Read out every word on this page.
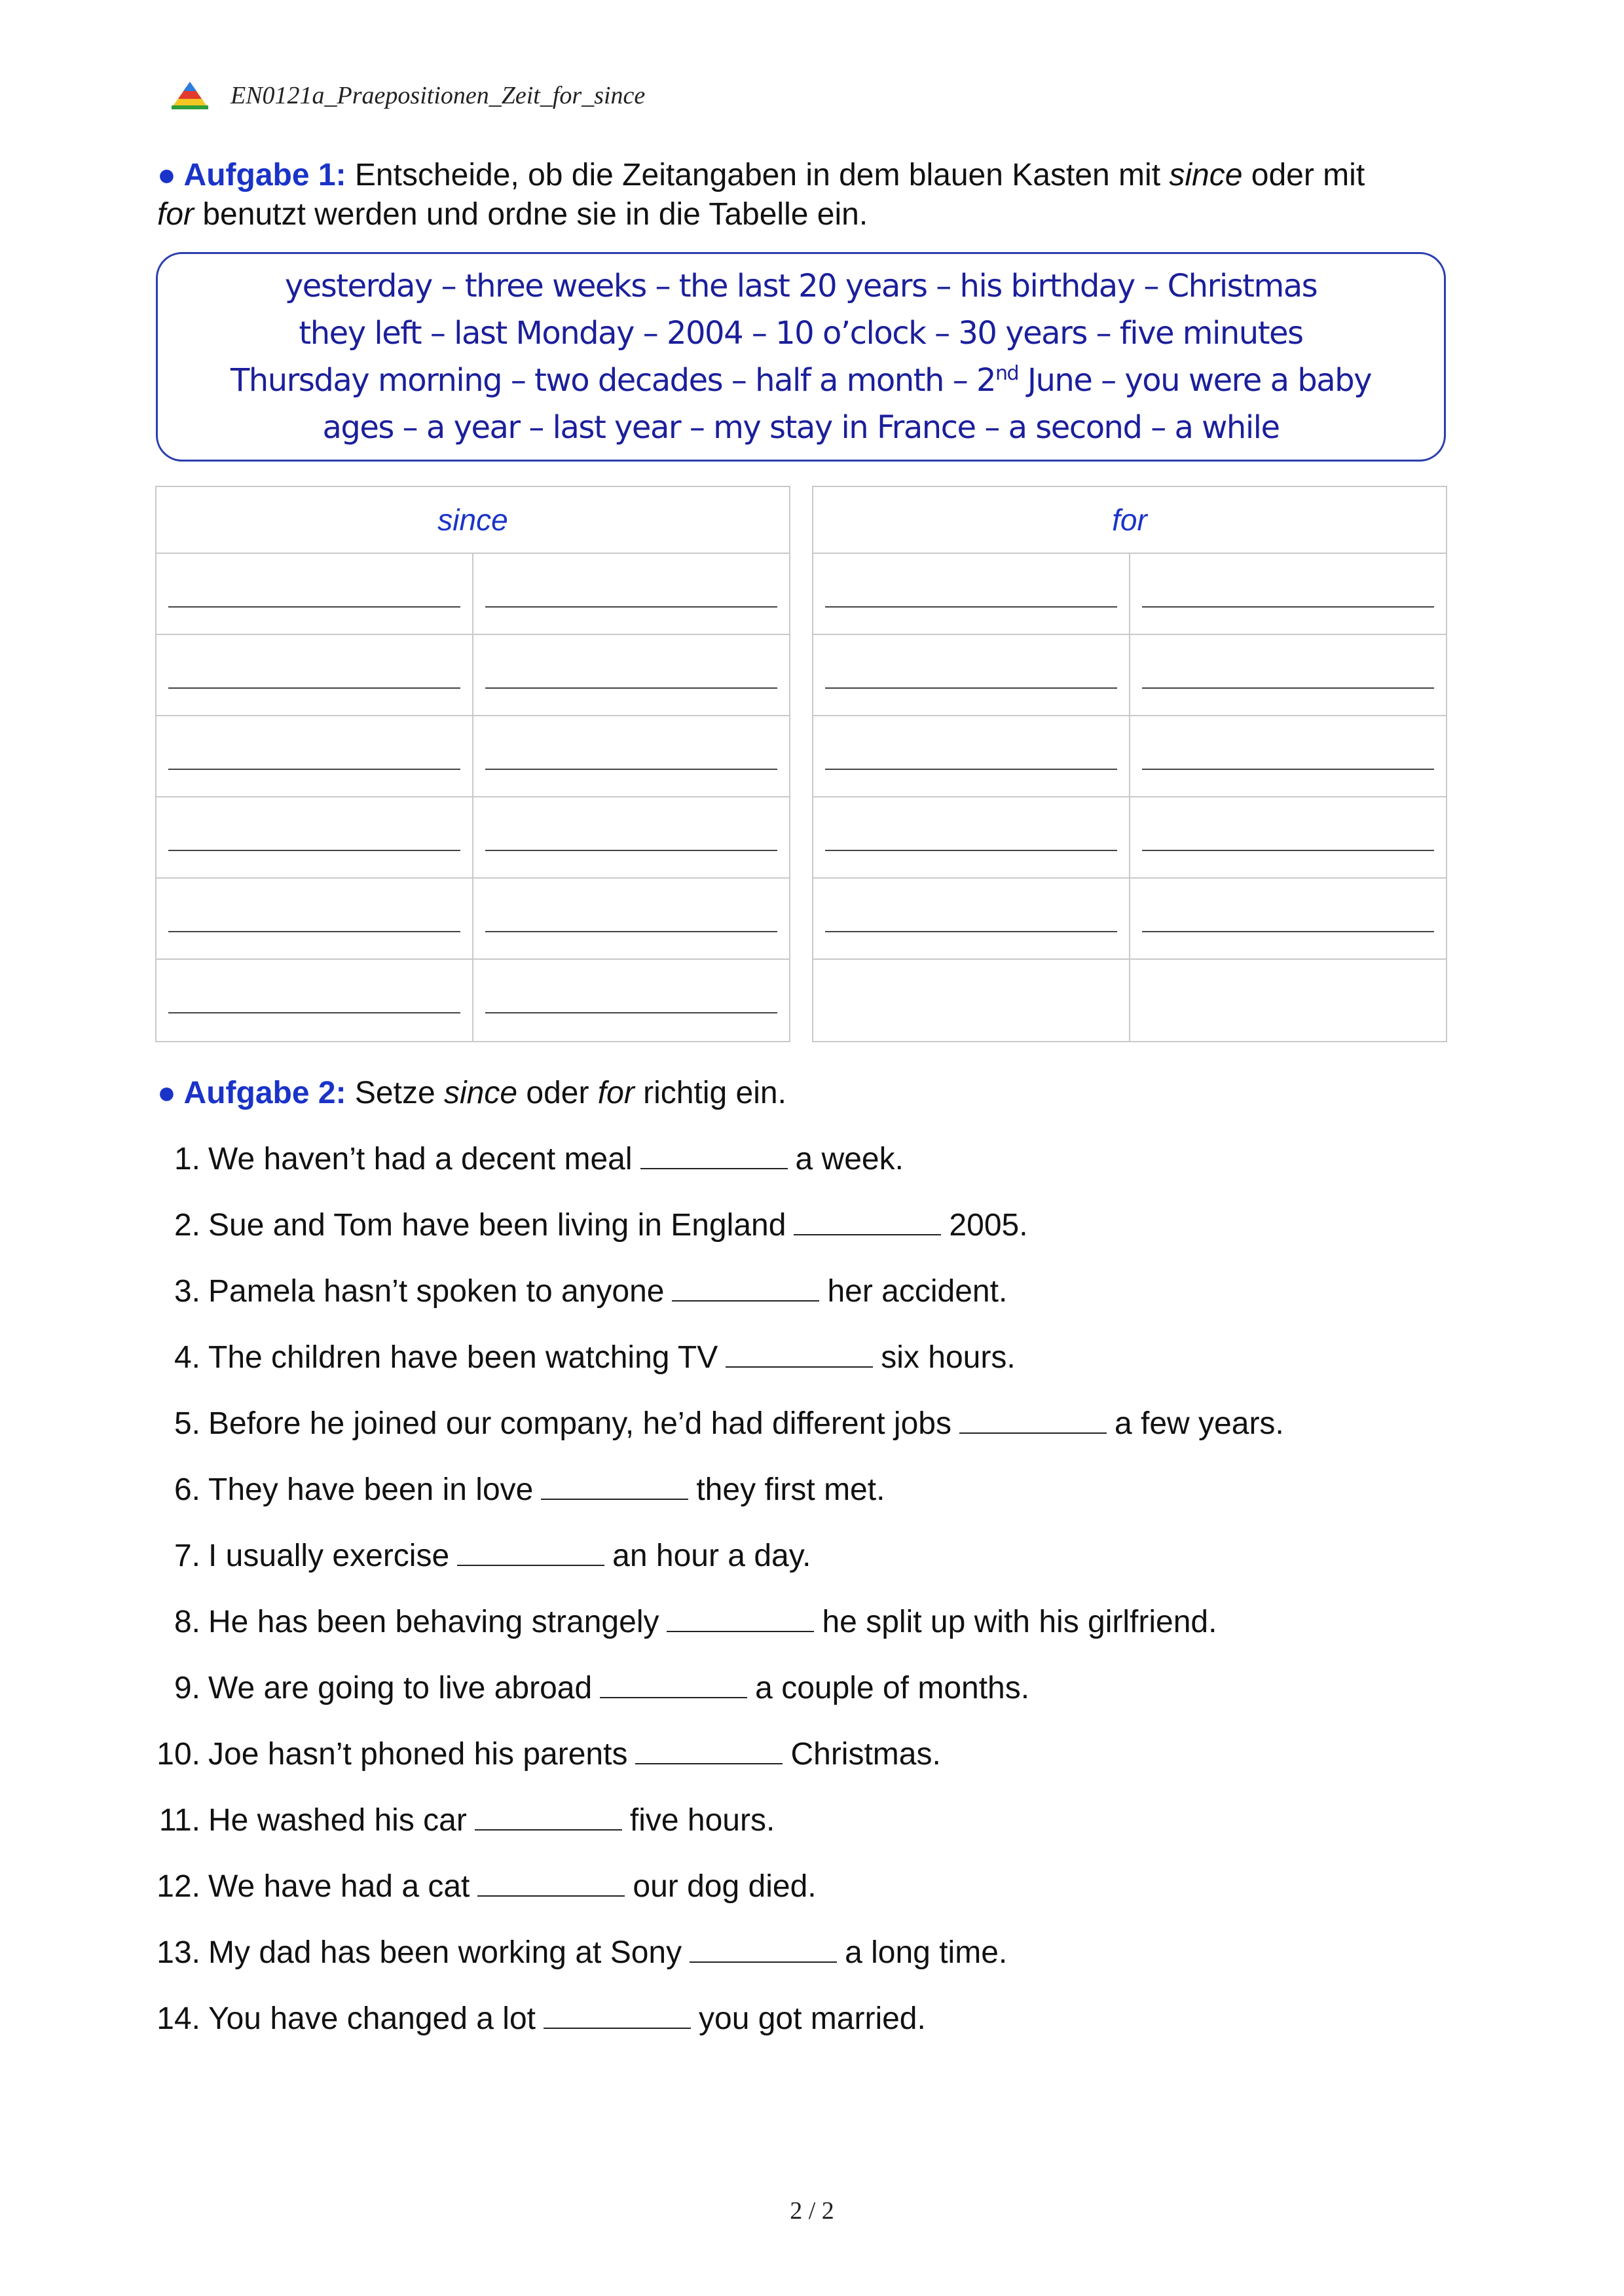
EN0121a_Praepositionen_Zeit_for_since
● Aufgabe 1: Entscheide, ob die Zeitangaben in dem blauen Kasten mit since oder mit
for benutzt werden und ordne sie in die Tabelle ein.
yesterday – three weeks – the last 20 years – his birthday – Christmas
they left – last Monday – 2004 – 10 o’clock – 30 years – five minutes
Thursday morning – two decades – half a month – 2nd June – you were a baby
ages – a year – last year – my stay in France – a second – a while
since	for
● Aufgabe 2: Setze since oder for richtig ein.
1. We haven’t had a decent meal	a week.
2. Sue and Tom have been living in England	2005.
3. Pamela hasn’t spoken to anyone	her accident.
4. The children have been watching TV	six hours.
5. Before he joined our company, he’d had different jobs	a few years.
6. They have been in love	they first met.
7. I usually exercise	an hour a day.
8. He has been behaving strangely	he split up with his girlfriend.
9. We are going to live abroad	a couple of months.
10. Joe hasn’t phoned his parents	Christmas.
11. He washed his car	five hours.
12. We have had a cat	our dog died.
13. My dad has been working at Sony	a long time.
14. You have changed a lot	you got married.
2 / 2
